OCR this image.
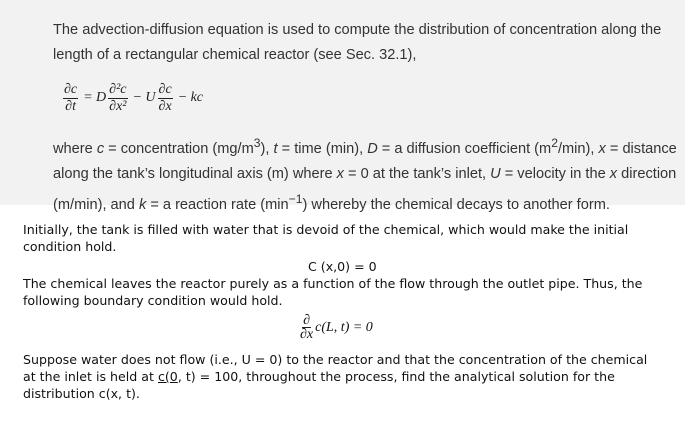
The advection-diffusion equation is used to compute the distribution of concentration along the length of a rectangular chemical reactor (see Sec. 32.1),
$\frac{\partial c}{\partial t} = D \frac{\text{∂²c}}{\text{∂x²}} - U \frac{\partial c}{\partial x}$ − kc
where c = concentration $(mg/m^3)$, t = time (min), D = a diffusion coefficient $(m^2/\min)$, x = distance along the tank’s longitudinal axis (m) where x = 0 at the tank’s inlet, U = velocity in the x direction (m/min), and k = a reaction rate $(\min^{-1})$ whereby the chemical decays to another form.
Initially, the tank is filled with water that is devoid of the chemical, which would make the initial condition hold.
C (x,0) = 0
The chemical leaves the reactor purely as a function of the flow through the outlet pipe. Thus, the following boundary condition would hold.
$\frac{\partial}{\partial x} c(L$, t) = 0
Suppose water does not flow (i.e., U = 0) to the reactor and that the concentration of the chemical at the inlet is held at c(0, t) = 100, throughout the process, find the analytical solution for the distribution c(x, t).
